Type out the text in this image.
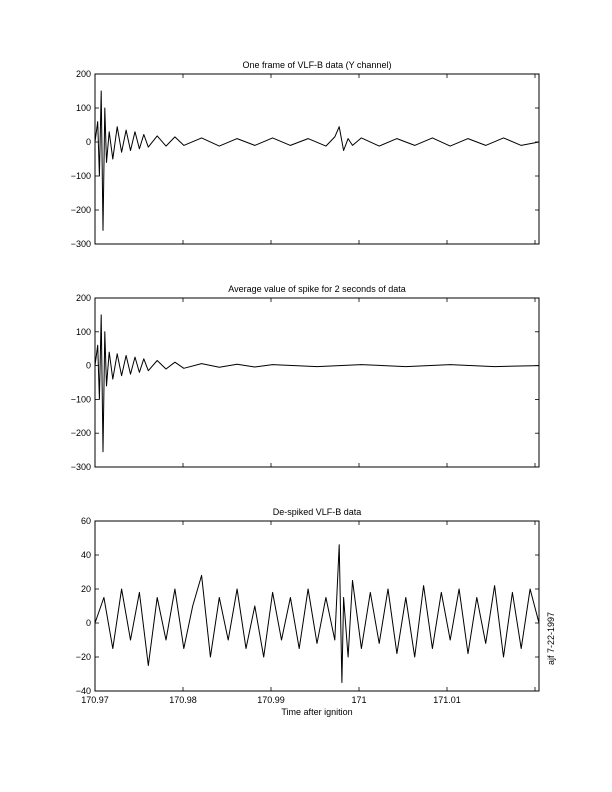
One frame of VLF-B data (Y channel)
200
100
0
−100
−200
−300
Average value of spike for 2 seconds of data
200
100
0
−100
−200
−300
De-spiked VLF-B data
60
40
20
0
−20
−40
170.97	170.98	170.99	171	171.01
Time after ignition
ajf 7-22-1997
